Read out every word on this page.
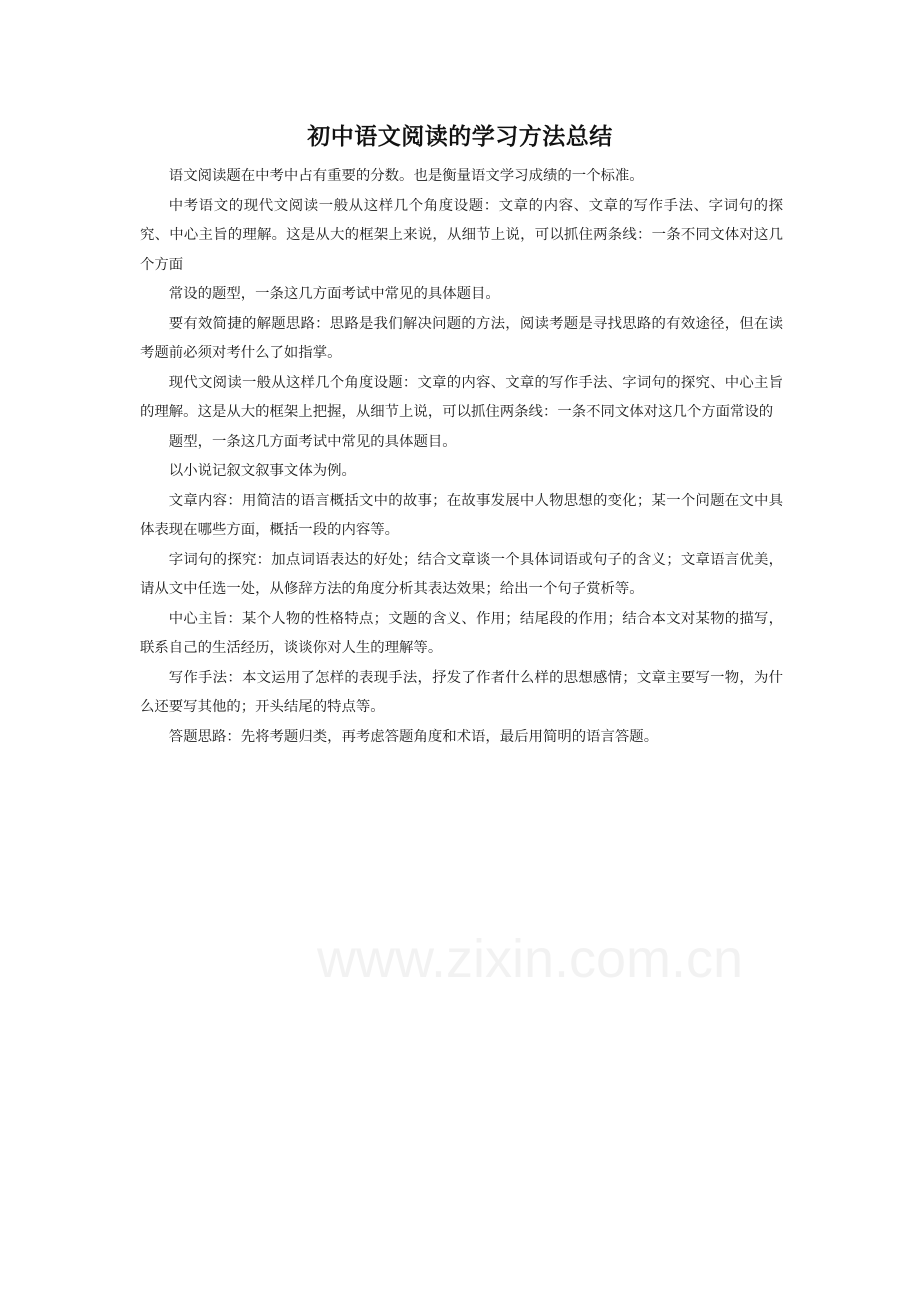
初中语文阅读的学习方法总结

语文阅读题在中考中占有重要的分数。也是衡量语文学习成绩的一个标准。

中考语文的现代文阅读一般从这样几个角度设题：文章的内容、文章的写作手法、字词句的探究、中心主旨的理解。这是从大的框架上来说，从细节上说，可以抓住两条线：一条不同文体对这几个方面

常设的题型，一条这几方面考试中常见的具体题目。

要有效简捷的解题思路：思路是我们解决问题的方法，阅读考题是寻找思路的有效途径，但在读考题前必须对考什么了如指掌。

现代文阅读一般从这样几个角度设题：文章的内容、文章的写作手法、字词句的探究、中心主旨的理解。这是从大的框架上把握，从细节上说，可以抓住两条线：一条不同文体对这几个方面常设的

题型，一条这几方面考试中常见的具体题目。

以小说记叙文叙事文体为例。

文章内容：用简洁的语言概括文中的故事；在故事发展中人物思想的变化；某一个问题在文中具体表现在哪些方面，概括一段的内容等。

字词句的探究：加点词语表达的好处；结合文章谈一个具体词语或句子的含义；文章语言优美，请从文中任选一处，从修辞方法的角度分析其表达效果；给出一个句子赏析等。

中心主旨：某个人物的性格特点；文题的含义、作用；结尾段的作用；结合本文对某物的描写，联系自己的生活经历，谈谈你对人生的理解等。

写作手法：本文运用了怎样的表现手法，抒发了作者什么样的思想感情；文章主要写一物，为什么还要写其他的；开头结尾的特点等。

答题思路：先将考题归类，再考虑答题角度和术语，最后用简明的语言答题。

www.zixin.com.cn
